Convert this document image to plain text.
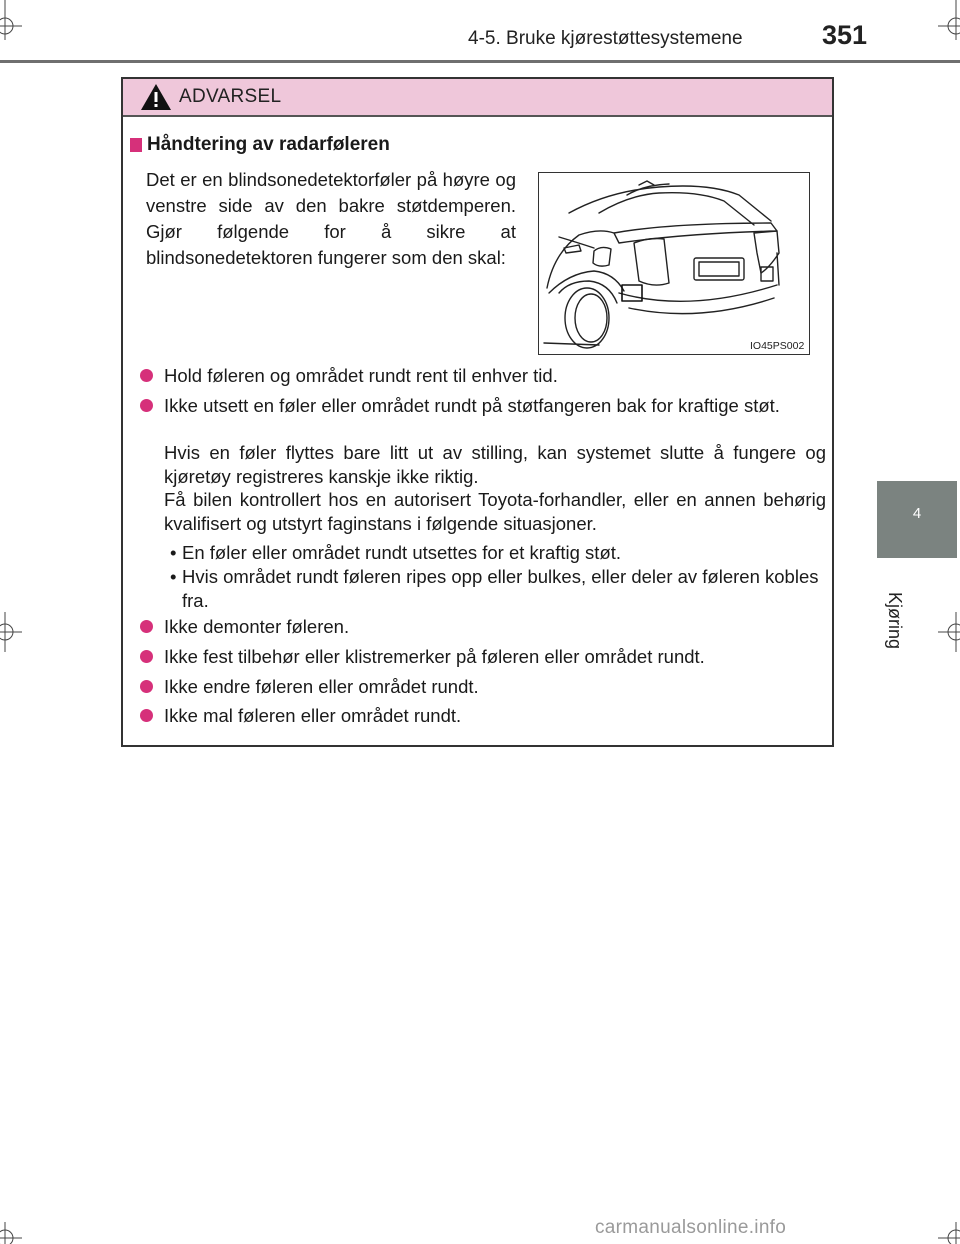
4-5. Bruke kjørestøttesystemene	351
4
Kjøring
ADVARSEL
Håndtering av radarføleren
Det er en blindsonedetektorføler på høyre og venstre side av den bakre støtdemperen. Gjør følgende for å sikre at blindsonedetektoren fungerer som den skal:
IO45PS002
Hold føleren og området rundt rent til enhver tid.
Ikke utsett en føler eller området rundt på støtfangeren bak for kraftige støt.
Hvis en føler flyttes bare litt ut av stilling, kan systemet slutte å fungere og kjøretøy registreres kanskje ikke riktig.
Få bilen kontrollert hos en autorisert Toyota-forhandler, eller en annen behørig kvalifisert og utstyrt faginstans i følgende situasjoner.
• En føler eller området rundt utsettes for et kraftig støt.
• Hvis området rundt føleren ripes opp eller bulkes, eller deler av føleren kobles fra.
Ikke demonter føleren.
Ikke fest tilbehør eller klistremerker på føleren eller området rundt.
Ikke endre føleren eller området rundt.
Ikke mal føleren eller området rundt.
carmanualsonline.info
